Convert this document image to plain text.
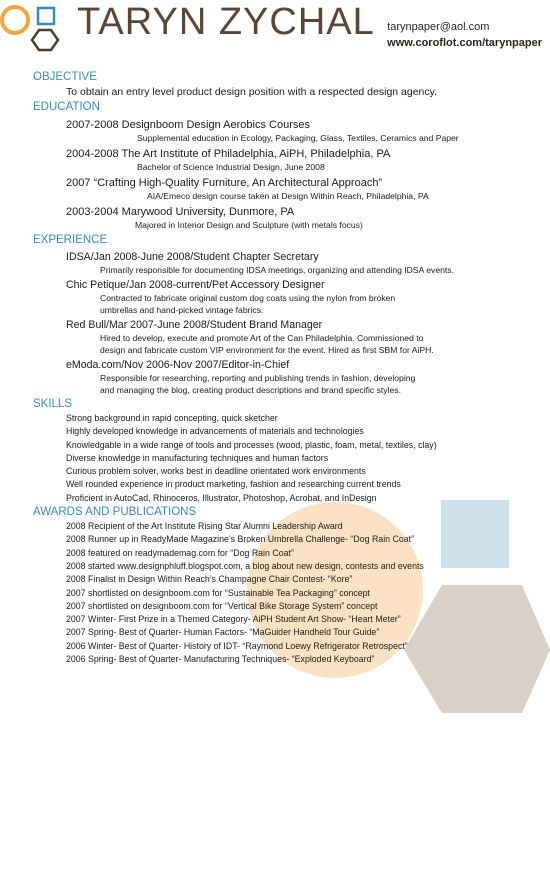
TARYN ZYCHAL tarynpaper@aol.com
www.coroflot.com/tarynpaper
OBJECTIVE
To obtain an entry level product design position with a respected design agency.
EDUCATION
2007-2008 Designboom Design Aerobics Courses
Supplemental education in Ecology, Packaging, Glass, Textiles, Ceramics and Paper
2004-2008 The Art Institute of Philadelphia, AiPH, Philadelphia, PA
Bachelor of Science Industrial Design, June 2008
2007 “Crafting High-Quality Furniture, An Architectural Approach”
AIA/Emeco design course taken at Design Within Reach, Philadelphia, PA
2003-2004 Marywood University, Dunmore, PA
Majored in Interior Design and Sculpture (with metals focus)
EXPERIENCE
IDSA/Jan 2008-June 2008/Student Chapter Secretary
Primarily responsible for documenting IDSA meetings, organizing and attending IDSA events.
Chic Petique/Jan 2008-current/Pet Accessory Designer
Contracted to fabricate original custom dog coats using the nylon from broken
umbrellas and hand-picked vintage fabrics.
Red Bull/Mar 2007-June 2008/Student Brand Manager
Hired to develop, execute and promote Art of the Can Philadelphia. Commissioned to
design and fabricate custom VIP environment for the event. Hired as first SBM for AiPH.
eModa.com/Nov 2006-Nov 2007/Editor-in-Chief
Responsible for researching, reporting and publishing trends in fashion, developing
and managing the blog, creating product descriptions and brand specific styles.
SKILLS
Strong background in rapid concepting, quick sketcher
Highly developed knowledge in advancements of materials and technologies
Knowledgable in a wide range of tools and processes (wood, plastic, foam, metal, textiles, clay)
Diverse knowledge in manufacturing techniques and human factors
Curious problem solver, works best in deadline orientated work environments
Well rounded experience in product marketing, fashion and researching current trends
Proficient in AutoCad, Rhinoceros, Illustrator, Photoshop, Acrobat, and InDesign
AWARDS AND PUBLICATIONS
2008 Recipient of the Art Institute Rising Star Alumni Leadership Award
2008 Runner up in ReadyMade Magazine’s Broken Umbrella Challenge- “Dog Rain Coat”
2008 featured on readymademag.com for “Dog Rain Coat”
2008 started www.designphluff.blogspot.com, a blog about new design, contests and events
2008 Finalist in Design Within Reach’s Champagne Chair Contest- “Kore”
2007 shortlisted on designboom.com for “Sustainable Tea Packaging” concept
2007 shortlisted on designboom.com for “Vertical Bike Storage System” concept
2007 Winter- First Prize in a Themed Category- AiPH Student Art Show- “Heart Meter”
2007 Spring- Best of Quarter- Human Factors- “MaGuider Handheld Tour Guide”
2006 Winter- Best of Quarter- History of IDT- “Raymond Loewy Refrigerator Retrospect”
2006 Spring- Best of Quarter- Manufacturing Techniques- “Exploded Keyboard”
